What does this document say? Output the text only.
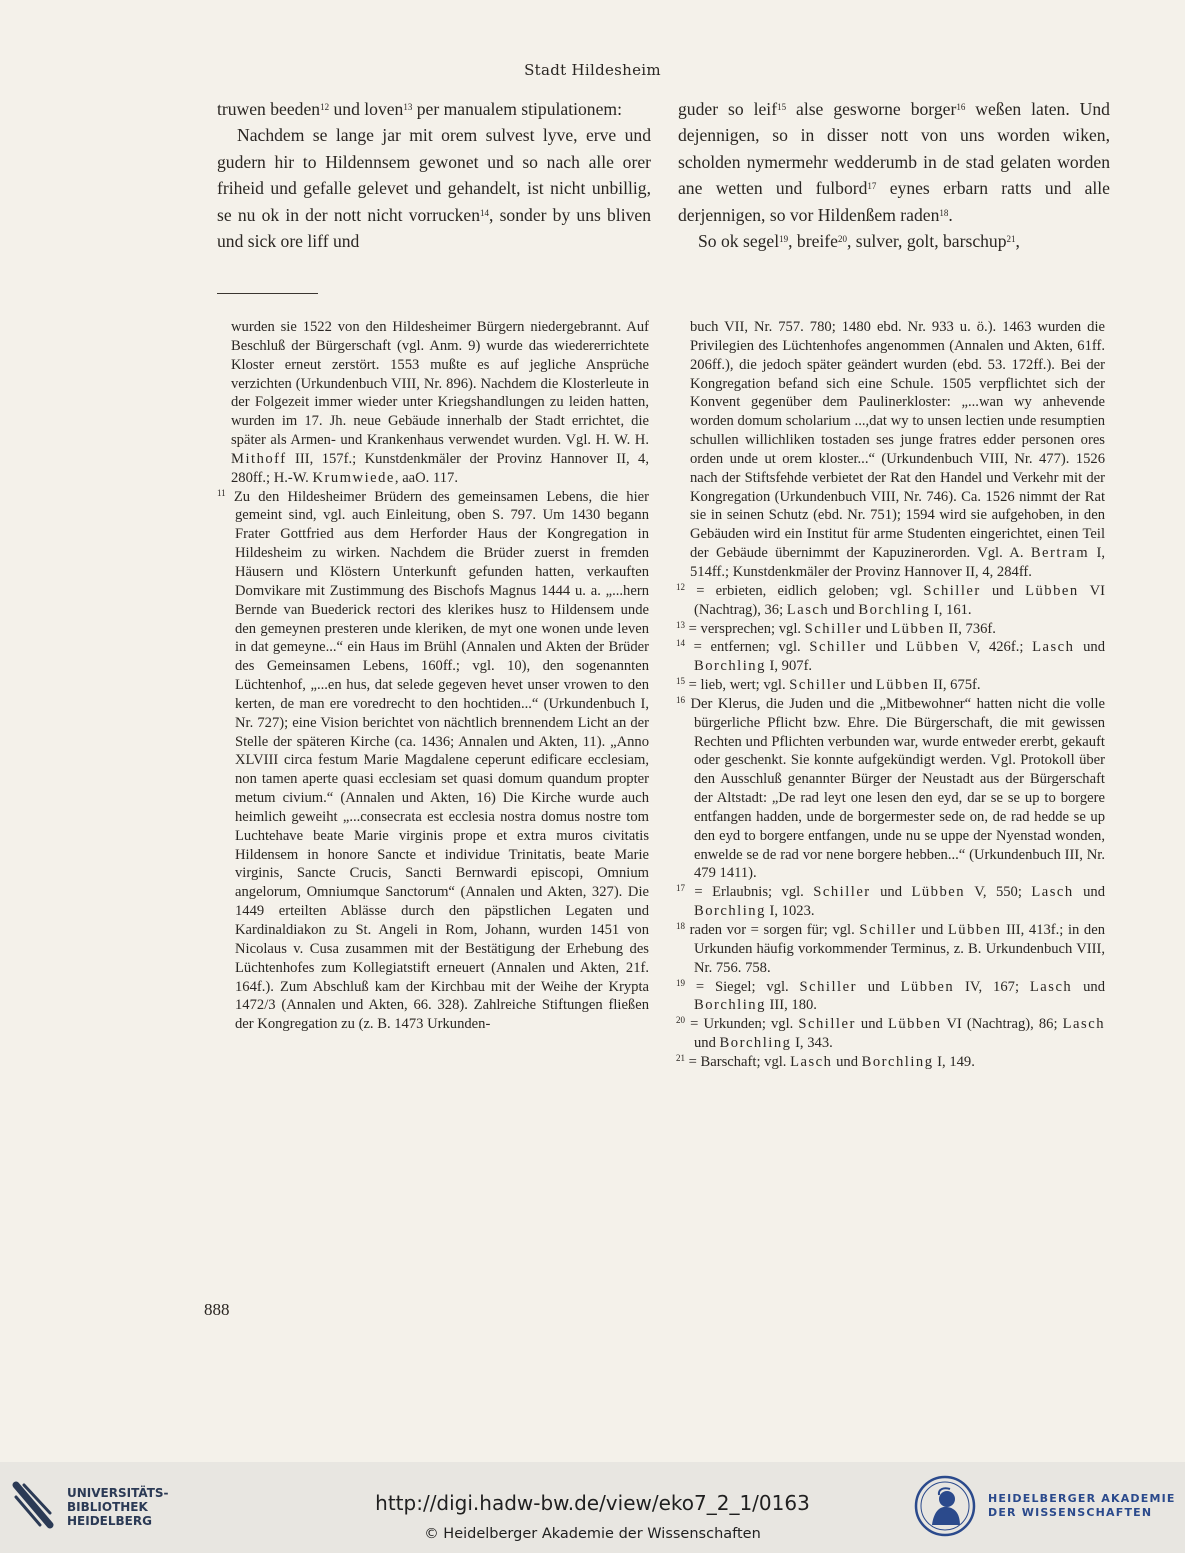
Stadt Hildesheim

truwen beeden$^{12}$ und loven$^{13}$ per manualem stipulationem:

Nachdem se lange jar mit orem sulvest lyve, erve und gudern hir to Hildennsem gewonet und so nach alle orer friheid und gefalle gelevet und gehandelt, ist nicht unbillig, se nu ok in der nott nicht vorrucken$^{14}$, sonder by uns bliven und sick ore liff und

guder so leif$^{15}$ alse gesworne borger$^{16}$ weßen laten. Und dejennigen, so in disser nott von uns worden wiken, scholden nymermehr wedderumb in de stad gelaten worden ane wetten und fulbord$^{17}$ eynes erbarn ratts und alle derjennigen, so vor Hildenßem raden$^{18}$.

So ok segel$^{19}$, breife$^{20}$, sulver, golt, barschup$^{21}$,

wurden sie 1522 von den Hildesheimer Bürgern niedergebrannt. Auf Beschluß der Bürgerschaft (vgl. Anm. 9) wurde das wiedererrichtete Kloster erneut zerstört. 1553 mußte es auf jegliche Ansprüche verzichten (Urkundenbuch VIII, Nr. 896). Nachdem die Klosterleute in der Folgezeit immer wieder unter Kriegshandlungen zu leiden hatten, wurden im 17. Jh. neue Gebäude innerhalb der Stadt errichtet, die später als Armen- und Krankenhaus verwendet wurden. Vgl. H. W. H. Mithoff III, 157f.; Kunstdenkmäler der Provinz Hannover II, 4, 280ff.; H.-W. Krumwiede, aaO. 117.

$^{11}$ Zu den Hildesheimer Brüdern des gemeinsamen Lebens, die hier gemeint sind, vgl. auch Einleitung, oben S. 797. Um 1430 begann Frater Gottfried aus dem Herforder Haus der Kongregation in Hildesheim zu wirken. Nachdem die Brüder zuerst in fremden Häusern und Klöstern Unterkunft gefunden hatten, verkauften Domvikare mit Zustimmung des Bischofs Magnus 1444 u. a. „...hern Bernde van Buederick rectori des klerikes husz to Hildensem unde den gemeynen presteren unde kleriken, de myt one wonen unde leven in dat gemeyne...“ ein Haus im Brühl (Annalen und Akten der Brüder des Gemeinsamen Lebens, 160ff.; vgl. 10), den sogenannten Lüchtenhof, „...en hus, dat selede gegeven hevet unser vrowen to den kerten, de man ere voredrecht to den hochtiden...“ (Urkundenbuch I, Nr. 727); eine Vision berichtet von nächtlich brennendem Licht an der Stelle der späteren Kirche (ca. 1436; Annalen und Akten, 11). „Anno XLVIII circa festum Marie Magdalene ceperunt edificare ecclesiam, non tamen aperte quasi ecclesiam set quasi domum quandum propter metum civium.“ (Annalen und Akten, 16) Die Kirche wurde auch heimlich geweiht „...consecrata est ecclesia nostra domus nostre tom Luchtehave beate Marie virginis prope et extra muros civitatis Hildensem in honore Sancte et individue Trinitatis, beate Marie virginis, Sancte Crucis, Sancti Bernwardi episcopi, Omnium angelorum, Omniumque Sanctorum“ (Annalen und Akten, 327). Die 1449 erteilten Ablässe durch den päpstlichen Legaten und Kardinaldiakon zu St. Angeli in Rom, Johann, wurden 1451 von Nicolaus v. Cusa zusammen mit der Bestätigung der Erhebung des Lüchtenhofes zum Kollegiatstift erneuert (Annalen und Akten, 21f. 164f.). Zum Abschluß kam der Kirchbau mit der Weihe der Krypta 1472/3 (Annalen und Akten, 66. 328). Zahlreiche Stiftungen fließen der Kongregation zu (z. B. 1473 Urkunden-

buch VII, Nr. 757. 780; 1480 ebd. Nr. 933 u. ö.). 1463 wurden die Privilegien des Lüchtenhofes angenommen (Annalen und Akten, 61ff. 206ff.), die jedoch später geändert wurden (ebd. 53. 172ff.). Bei der Kongregation befand sich eine Schule. 1505 verpflichtet sich der Konvent gegenüber dem Paulinerkloster: „...wan wy anhevende worden domum scholarium ...,dat wy to unsen lectien unde resumptien schullen willichliken tostaden ses junge fratres edder personen ores orden unde ut orem kloster...“ (Urkundenbuch VIII, Nr. 477). 1526 nach der Stiftsfehde verbietet der Rat den Handel und Verkehr mit der Kongregation (Urkundenbuch VIII, Nr. 746). Ca. 1526 nimmt der Rat sie in seinen Schutz (ebd. Nr. 751); 1594 wird sie aufgehoben, in den Gebäuden wird ein Institut für arme Studenten eingerichtet, einen Teil der Gebäude übernimmt der Kapuzinerorden. Vgl. A. Bertram I, 514ff.; Kunstdenkmäler der Provinz Hannover II, 4, 284ff.

$^{12}$ = erbieten, eidlich geloben; vgl. Schiller und Lübben VI (Nachtrag), 36; Lasch und Borchling I, 161.

$^{13}$ = versprechen; vgl. Schiller und Lübben II, 736f.

$^{14}$ = entfernen; vgl. Schiller und Lübben V, 426f.; Lasch und Borchling I, 907f.

$^{15}$ = lieb, wert; vgl. Schiller und Lübben II, 675f.

$^{16}$ Der Klerus, die Juden und die „Mitbewohner“ hatten nicht die volle bürgerliche Pflicht bzw. Ehre. Die Bürgerschaft, die mit gewissen Rechten und Pflichten verbunden war, wurde entweder ererbt, gekauft oder geschenkt. Sie konnte aufgekündigt werden. Vgl. Protokoll über den Ausschluß genannter Bürger der Neustadt aus der Bürgerschaft der Altstadt: „De rad leyt one lesen den eyd, dar se se up to borgere entfangen hadden, unde de borgermester sede on, de rad hedde se up den eyd to borgere entfangen, unde nu se uppe der Nyenstad wonden, enwelde se de rad vor nene borgere hebben...“ (Urkundenbuch III, Nr. 479 1411).

$^{17}$ = Erlaubnis; vgl. Schiller und Lübben V, 550; Lasch und Borchling I, 1023.

$^{18}$ raden vor = sorgen für; vgl. Schiller und Lübben III, 413f.; in den Urkunden häufig vorkommender Terminus, z. B. Urkundenbuch VIII, Nr. 756. 758.

$^{19}$ = Siegel; vgl. Schiller und Lübben IV, 167; Lasch und Borchling III, 180.

$^{20}$ = Urkunden; vgl. Schiller und Lübben VI (Nachtrag), 86; Lasch und Borchling I, 343.

$^{21}$ = Barschaft; vgl. Lasch und Borchling I, 149.

888
UNIVERSITÄTS-
BIBLIOTHEK
HEIDELBERG
http://digi.hadw-bw.de/view/eko7_2_1/0163
© Heidelberger Akademie der Wissenschaften
HEIDELBERGER AKADEMIE
DER WISSENSCHAFTEN
